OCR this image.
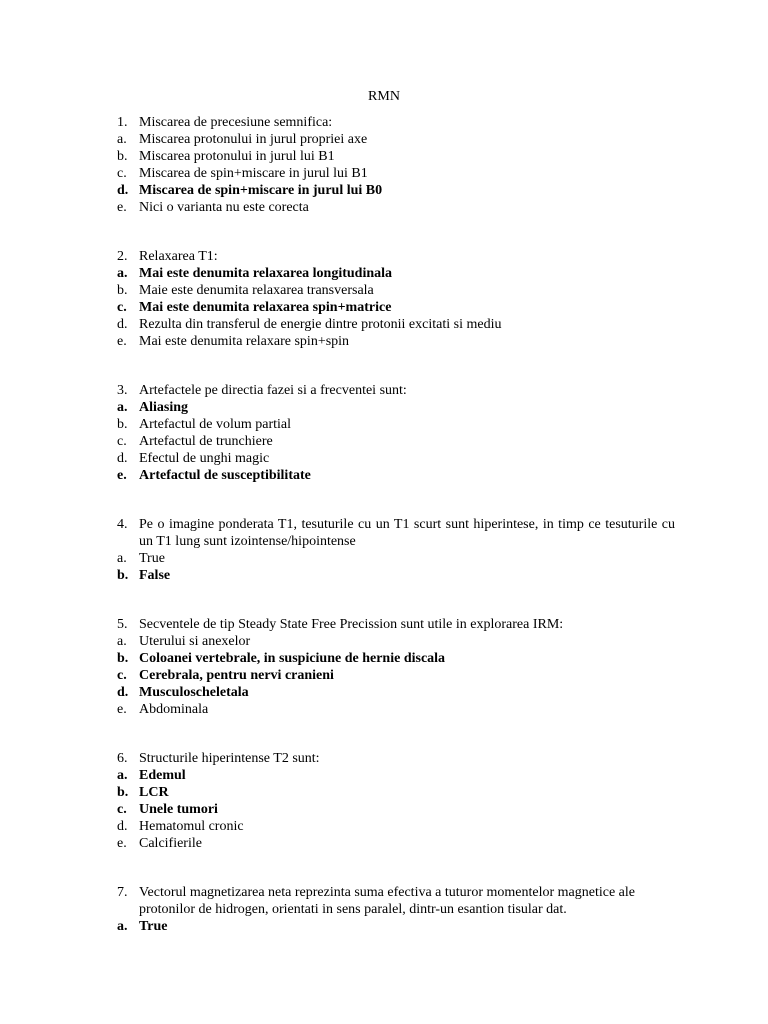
RMN
1. Miscarea de precesiune semnifica:
a. Miscarea protonului in jurul propriei axe
b. Miscarea protonului in jurul lui B1
c. Miscarea de spin+miscare in jurul lui B1
d. Miscarea de spin+miscare in jurul lui B0
e. Nici o varianta nu este corecta
2. Relaxarea T1:
a. Mai este denumita relaxarea longitudinala
b. Maie este denumita relaxarea transversala
c. Mai este denumita relaxarea spin+matrice
d. Rezulta din transferul de energie dintre protonii excitati si mediu
e. Mai este denumita relaxare spin+spin
3. Artefactele pe directia fazei si a frecventei sunt:
a. Aliasing
b. Artefactul de volum partial
c. Artefactul de trunchiere
d. Efectul de unghi magic
e. Artefactul de susceptibilitate
4. Pe o imagine ponderata T1, tesuturile cu un T1 scurt sunt hiperintese, in timp ce tesuturile cu un T1 lung sunt izointense/hipointense
a. True
b. False
5. Secventele de tip Steady State Free Precission sunt utile in explorarea IRM:
a. Uterului si anexelor
b. Coloanei vertebrale, in suspiciune de hernie discala
c. Cerebrala, pentru nervi cranieni
d. Musculoscheletala
e. Abdominala
6. Structurile hiperintense T2 sunt:
a. Edemul
b. LCR
c. Unele tumori
d. Hematomul cronic
e. Calcifierile
7. Vectorul magnetizarea neta reprezinta suma efectiva a tuturor momentelor magnetice ale protonilor de hidrogen, orientati in sens paralel, dintr-un esantion tisular dat.
a. True
